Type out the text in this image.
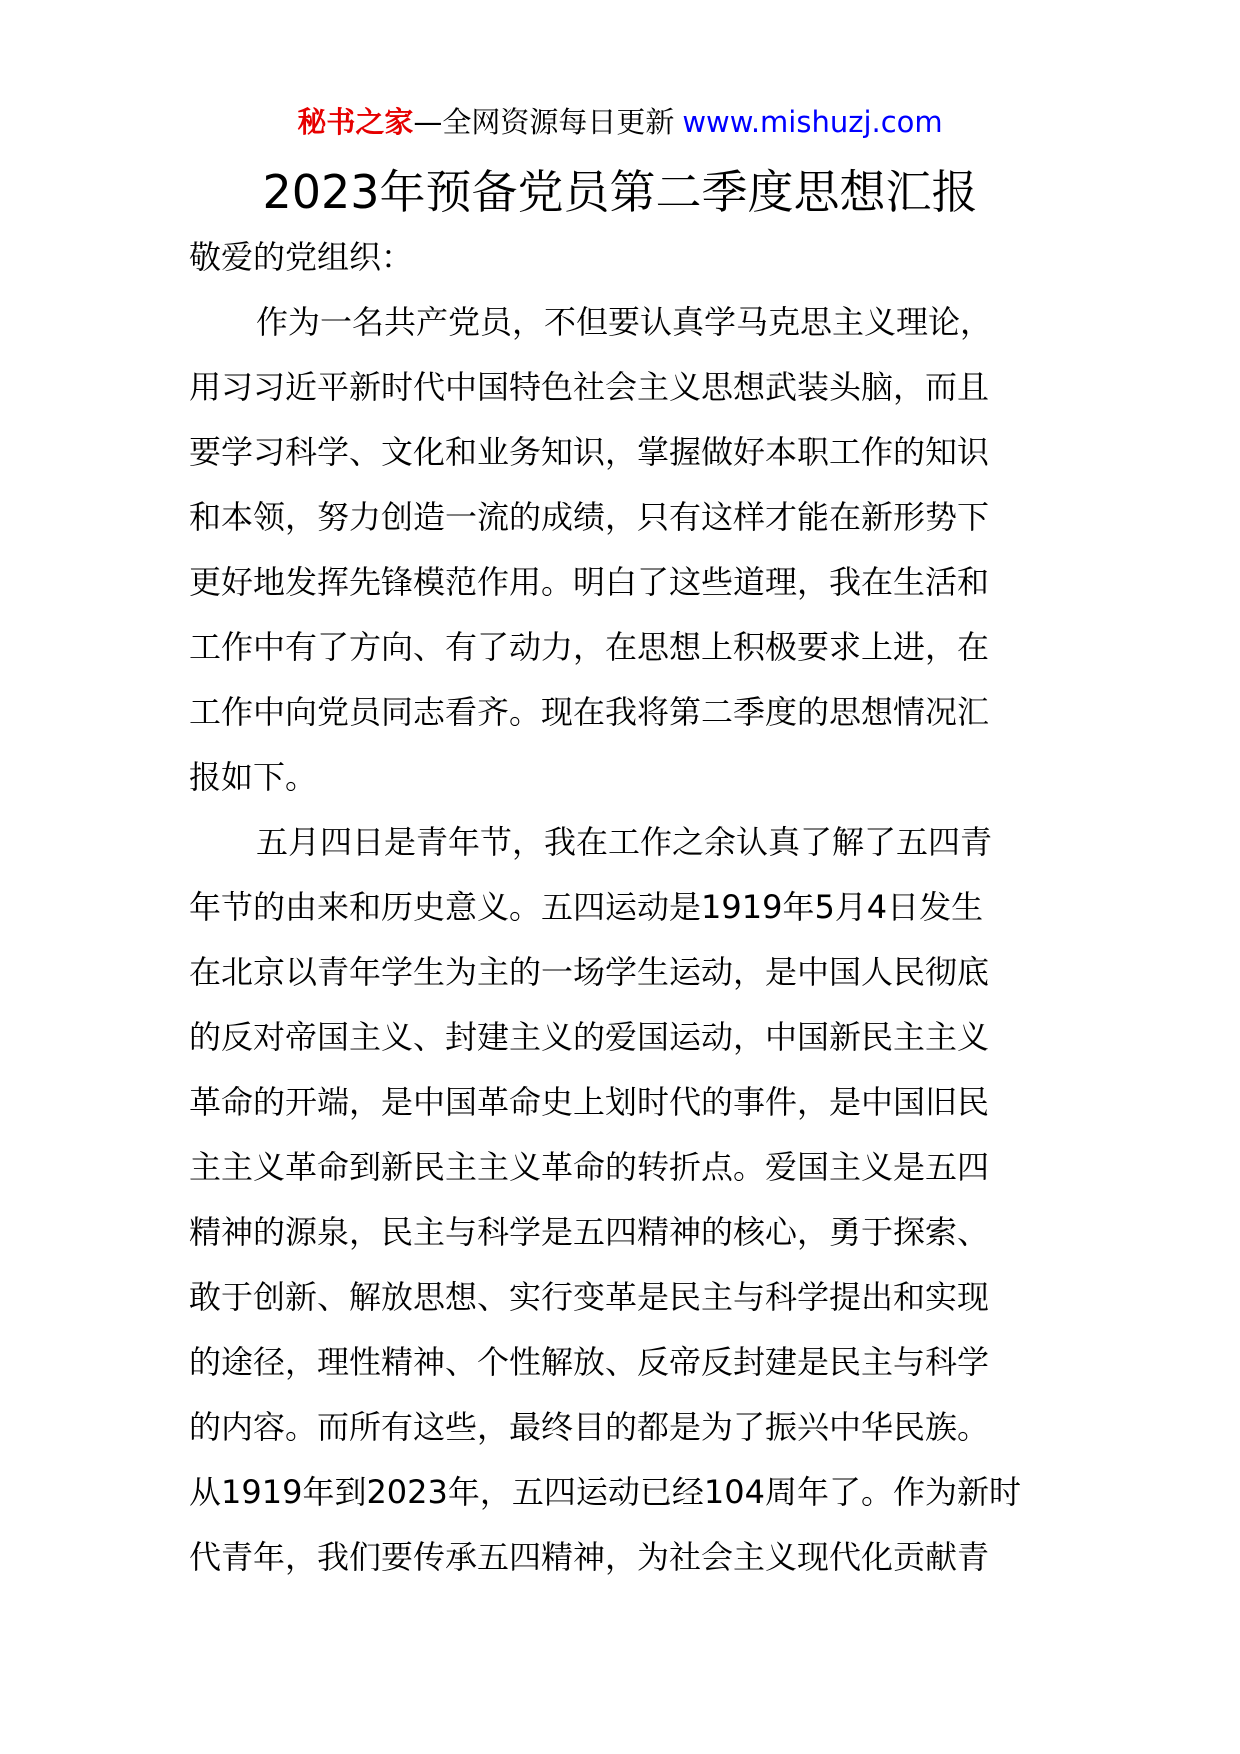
秘书之家—全网资源每日更新 www.mishuzj.com
2023年预备党员第二季度思想汇报
敬爱的党组织：
作为一名共产党员，不但要认真学马克思主义理论，
用习习近平新时代中国特色社会主义思想武装头脑，而且
要学习科学、文化和业务知识，掌握做好本职工作的知识
和本领，努力创造一流的成绩，只有这样才能在新形势下
更好地发挥先锋模范作用。明白了这些道理，我在生活和
工作中有了方向、有了动力，在思想上积极要求上进，在
工作中向党员同志看齐。现在我将第二季度的思想情况汇
报如下。
五月四日是青年节，我在工作之余认真了解了五四青
年节的由来和历史意义。五四运动是1919年5月4日发生
在北京以青年学生为主的一场学生运动，是中国人民彻底
的反对帝国主义、封建主义的爱国运动，中国新民主主义
革命的开端，是中国革命史上划时代的事件，是中国旧民
主主义革命到新民主主义革命的转折点。爱国主义是五四
精神的源泉，民主与科学是五四精神的核心，勇于探索、
敢于创新、解放思想、实行变革是民主与科学提出和实现
的途径，理性精神、个性解放、反帝反封建是民主与科学
的内容。而所有这些，最终目的都是为了振兴中华民族。
从1919年到2023年，五四运动已经104周年了。作为新时
代青年，我们要传承五四精神，为社会主义现代化贡献青
